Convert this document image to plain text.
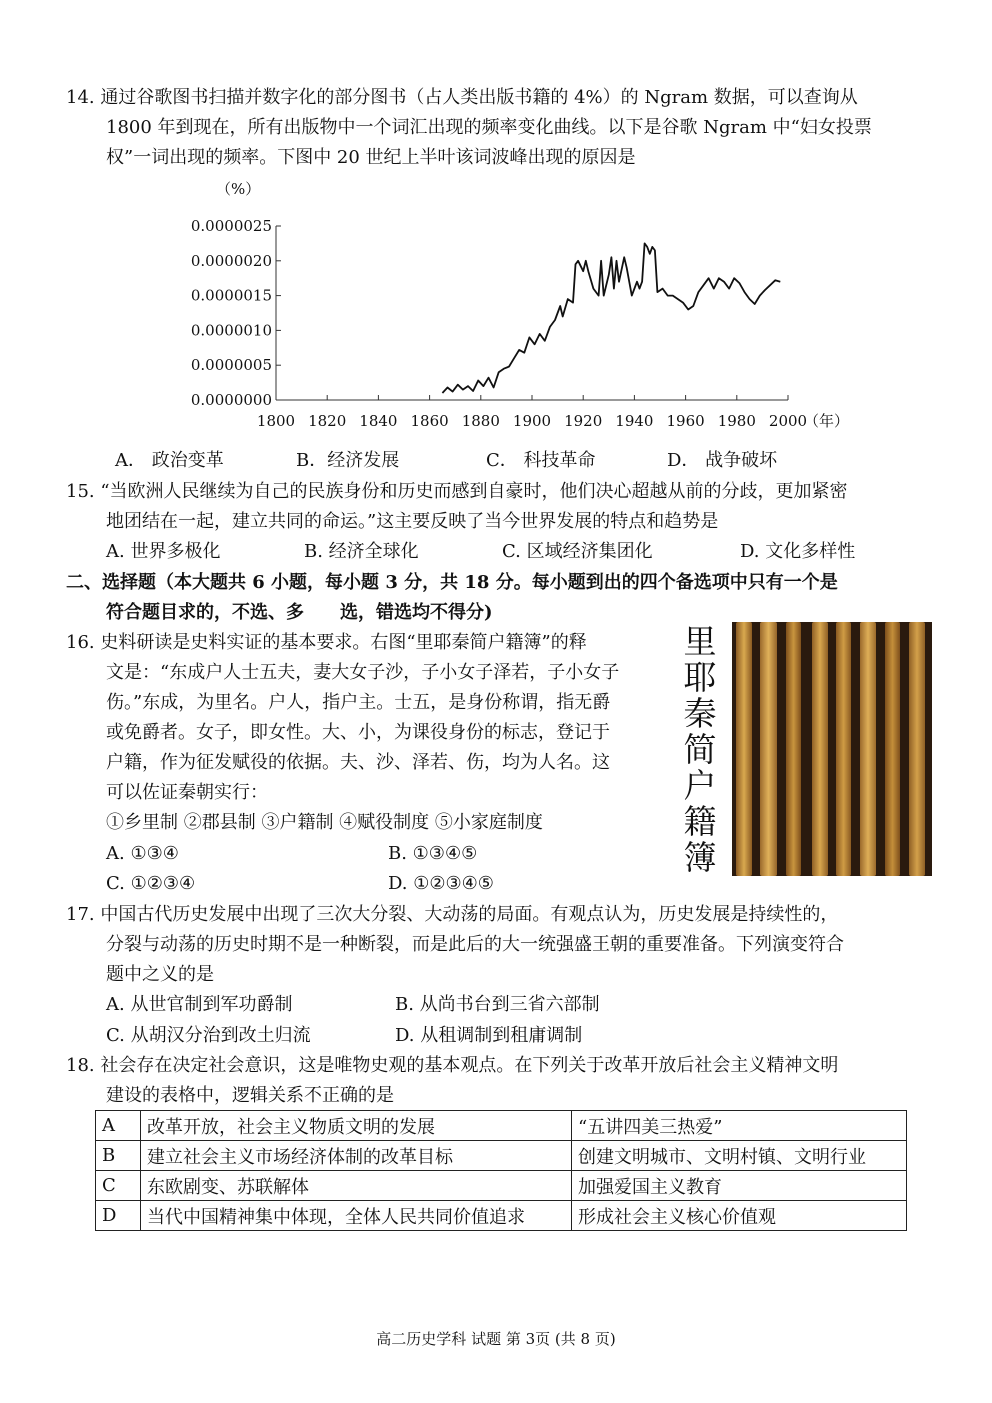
14. 通过谷歌图书扫描并数字化的部分图书（占人类出版书籍的 4%）的 Ngram 数据，可以查询从
1800 年到现在，所有出版物中一个词汇出现的频率变化曲线。以下是谷歌 Ngram 中“妇女投票
权”一词出现的频率。下图中 20 世纪上半叶该词波峰出现的原因是
（%）
0.0000000
0.0000005
0.0000010
0.0000015
0.0000020
0.0000025
1800 1820 1840 1860 1880 1900 1920 1940 1960 1980 2000
（年）
A． 政治变革	B．经济发展	C． 科技革命	D． 战争破坏
15. “当欧洲人民继续为自己的民族身份和历史而感到自豪时，他们决心超越从前的分歧，更加紧密
地团结在一起，建立共同的命运。”这主要反映了当今世界发展的特点和趋势是
A. 世界多极化	B. 经济全球化	C. 区域经济集团化	D. 文化多样性
二、选择题（本大题共 6 小题，每小题 3 分，共 18 分。每小题到出的四个备选项中只有一个是
符合题目求的，不选、多　　选，错选均不得分)
16. 史料研读是史料实证的基本要求。右图“里耶秦简户籍簿”的释
文是：“东成户人士五夫，妻大女子沙，子小女子泽若，子小女子
伤。”东成，为里名。户人，指户主。士五，是身份称谓，指无爵
或免爵者。女子，即女性。大、小，为课役身份的标志，登记于
户籍，作为征发赋役的依据。夫、沙、泽若、伤，均为人名。这
可以佐证秦朝实行：
①乡里制 ②郡县制 ③户籍制 ④赋役制度 ⑤小家庭制度
A. ①③④	B. ①③④⑤
C. ①②③④	D. ①②③④⑤
里耶秦简户籍簿
17. 中国古代历史发展中出现了三次大分裂、大动荡的局面。有观点认为，历史发展是持续性的，
分裂与动荡的历史时期不是一种断裂，而是此后的大一统强盛王朝的重要准备。下列演变符合
题中之义的是
A. 从世官制到军功爵制	B. 从尚书台到三省六部制
C. 从胡汉分治到改土归流	D. 从租调制到租庸调制
18. 社会存在决定社会意识，这是唯物史观的基本观点。在下列关于改革开放后社会主义精神文明
建设的表格中，逻辑关系不正确的是
A	改革开放，社会主义物质文明的发展	“五讲四美三热爱”
B	建立社会主义市场经济体制的改革目标	创建文明城市、文明村镇、文明行业
C	东欧剧变、苏联解体	加强爱国主义教育
D	当代中国精神集中体现，全体人民共同价值追求	形成社会主义核心价值观
高二历史学科 试题 第 3页 (共 8 页)
